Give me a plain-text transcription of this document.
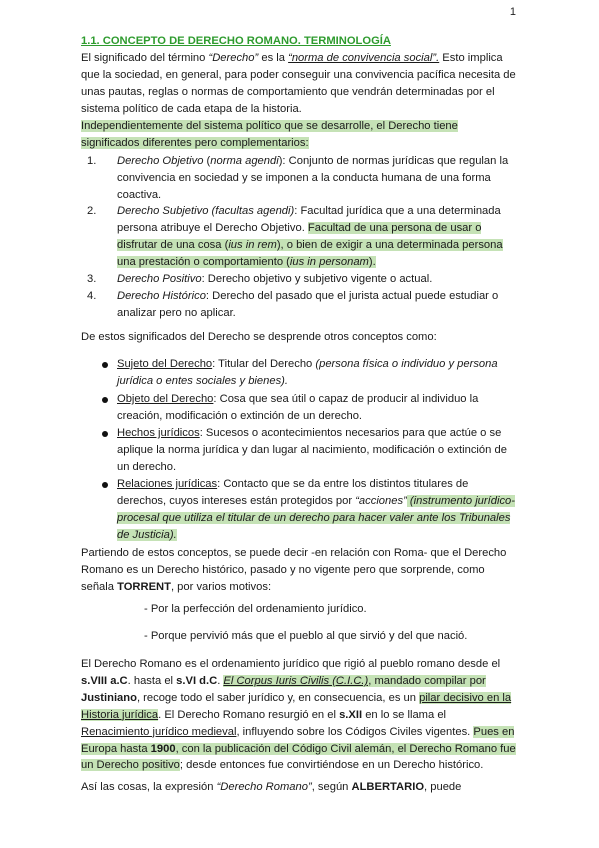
1
1.1. CONCEPTO DE DERECHO ROMANO. TERMINOLOGÍA
El significado del término “Derecho” es la “norma de convivencia social”. Esto implica que la sociedad, en general, para poder conseguir una convivencia pacífica necesita de unas pautas, reglas o normas de comportamiento que vendrán determinadas por el sistema político de cada etapa de la historia.
Independientemente del sistema político que se desarrolle, el Derecho tiene significados diferentes pero complementarios:
1. Derecho Objetivo (norma agendi): Conjunto de normas jurídicas que regulan la convivencia en sociedad y se imponen a la conducta humana de una forma coactiva.
2. Derecho Subjetivo (facultas agendi): Facultad jurídica que a una determinada persona atribuye el Derecho Objetivo. Facultad de una persona de usar o disfrutar de una cosa (ius in rem), o bien de exigir a una determinada persona una prestación o comportamiento (ius in personam).
3. Derecho Positivo: Derecho objetivo y subjetivo vigente o actual.
4. Derecho Histórico: Derecho del pasado que el jurista actual puede estudiar o analizar pero no aplicar.
De estos significados del Derecho se desprende otros conceptos como:
Sujeto del Derecho: Titular del Derecho (persona física o individuo y persona jurídica o entes sociales y bienes).
Objeto del Derecho: Cosa que sea útil o capaz de producir al individuo la creación, modificación o extinción de un derecho.
Hechos jurídicos: Sucesos o acontecimientos necesarios para que actúe o se aplique la norma jurídica y dan lugar al nacimiento, modificación o extinción de un derecho.
Relaciones jurídicas: Contacto que se da entre los distintos titulares de derechos, cuyos intereses están protegidos por “acciones” (instrumento jurídico-procesal que utiliza el titular de un derecho para hacer valer ante los Tribunales de Justicia).
Partiendo de estos conceptos, se puede decir -en relación con Roma- que el Derecho Romano es un Derecho histórico, pasado y no vigente pero que sorprende, como señala TORRENT, por varios motivos:
- Por la perfección del ordenamiento jurídico.
- Porque pervivió más que el pueblo al que sirvió y del que nació.
El Derecho Romano es el ordenamiento jurídico que rigió al pueblo romano desde el s.VIII a.C. hasta el s.VI d.C. El Corpus Iuris Civilis (C.I.C.), mandado compilar por Justiniano, recoge todo el saber jurídico y, en consecuencia, es un pilar decisivo en la Historia jurídica. El Derecho Romano resurgió en el s.XII en lo se llama el Renacimiento jurídico medieval, influyendo sobre los Códigos Civiles vigentes. Pues en Europa hasta 1900, con la publicación del Código Civil alemán, el Derecho Romano fue un Derecho positivo; desde entonces fue convirtiéndose en un Derecho histórico.
Así las cosas, la expresión “Derecho Romano”, según ALBERTARIO, puede
